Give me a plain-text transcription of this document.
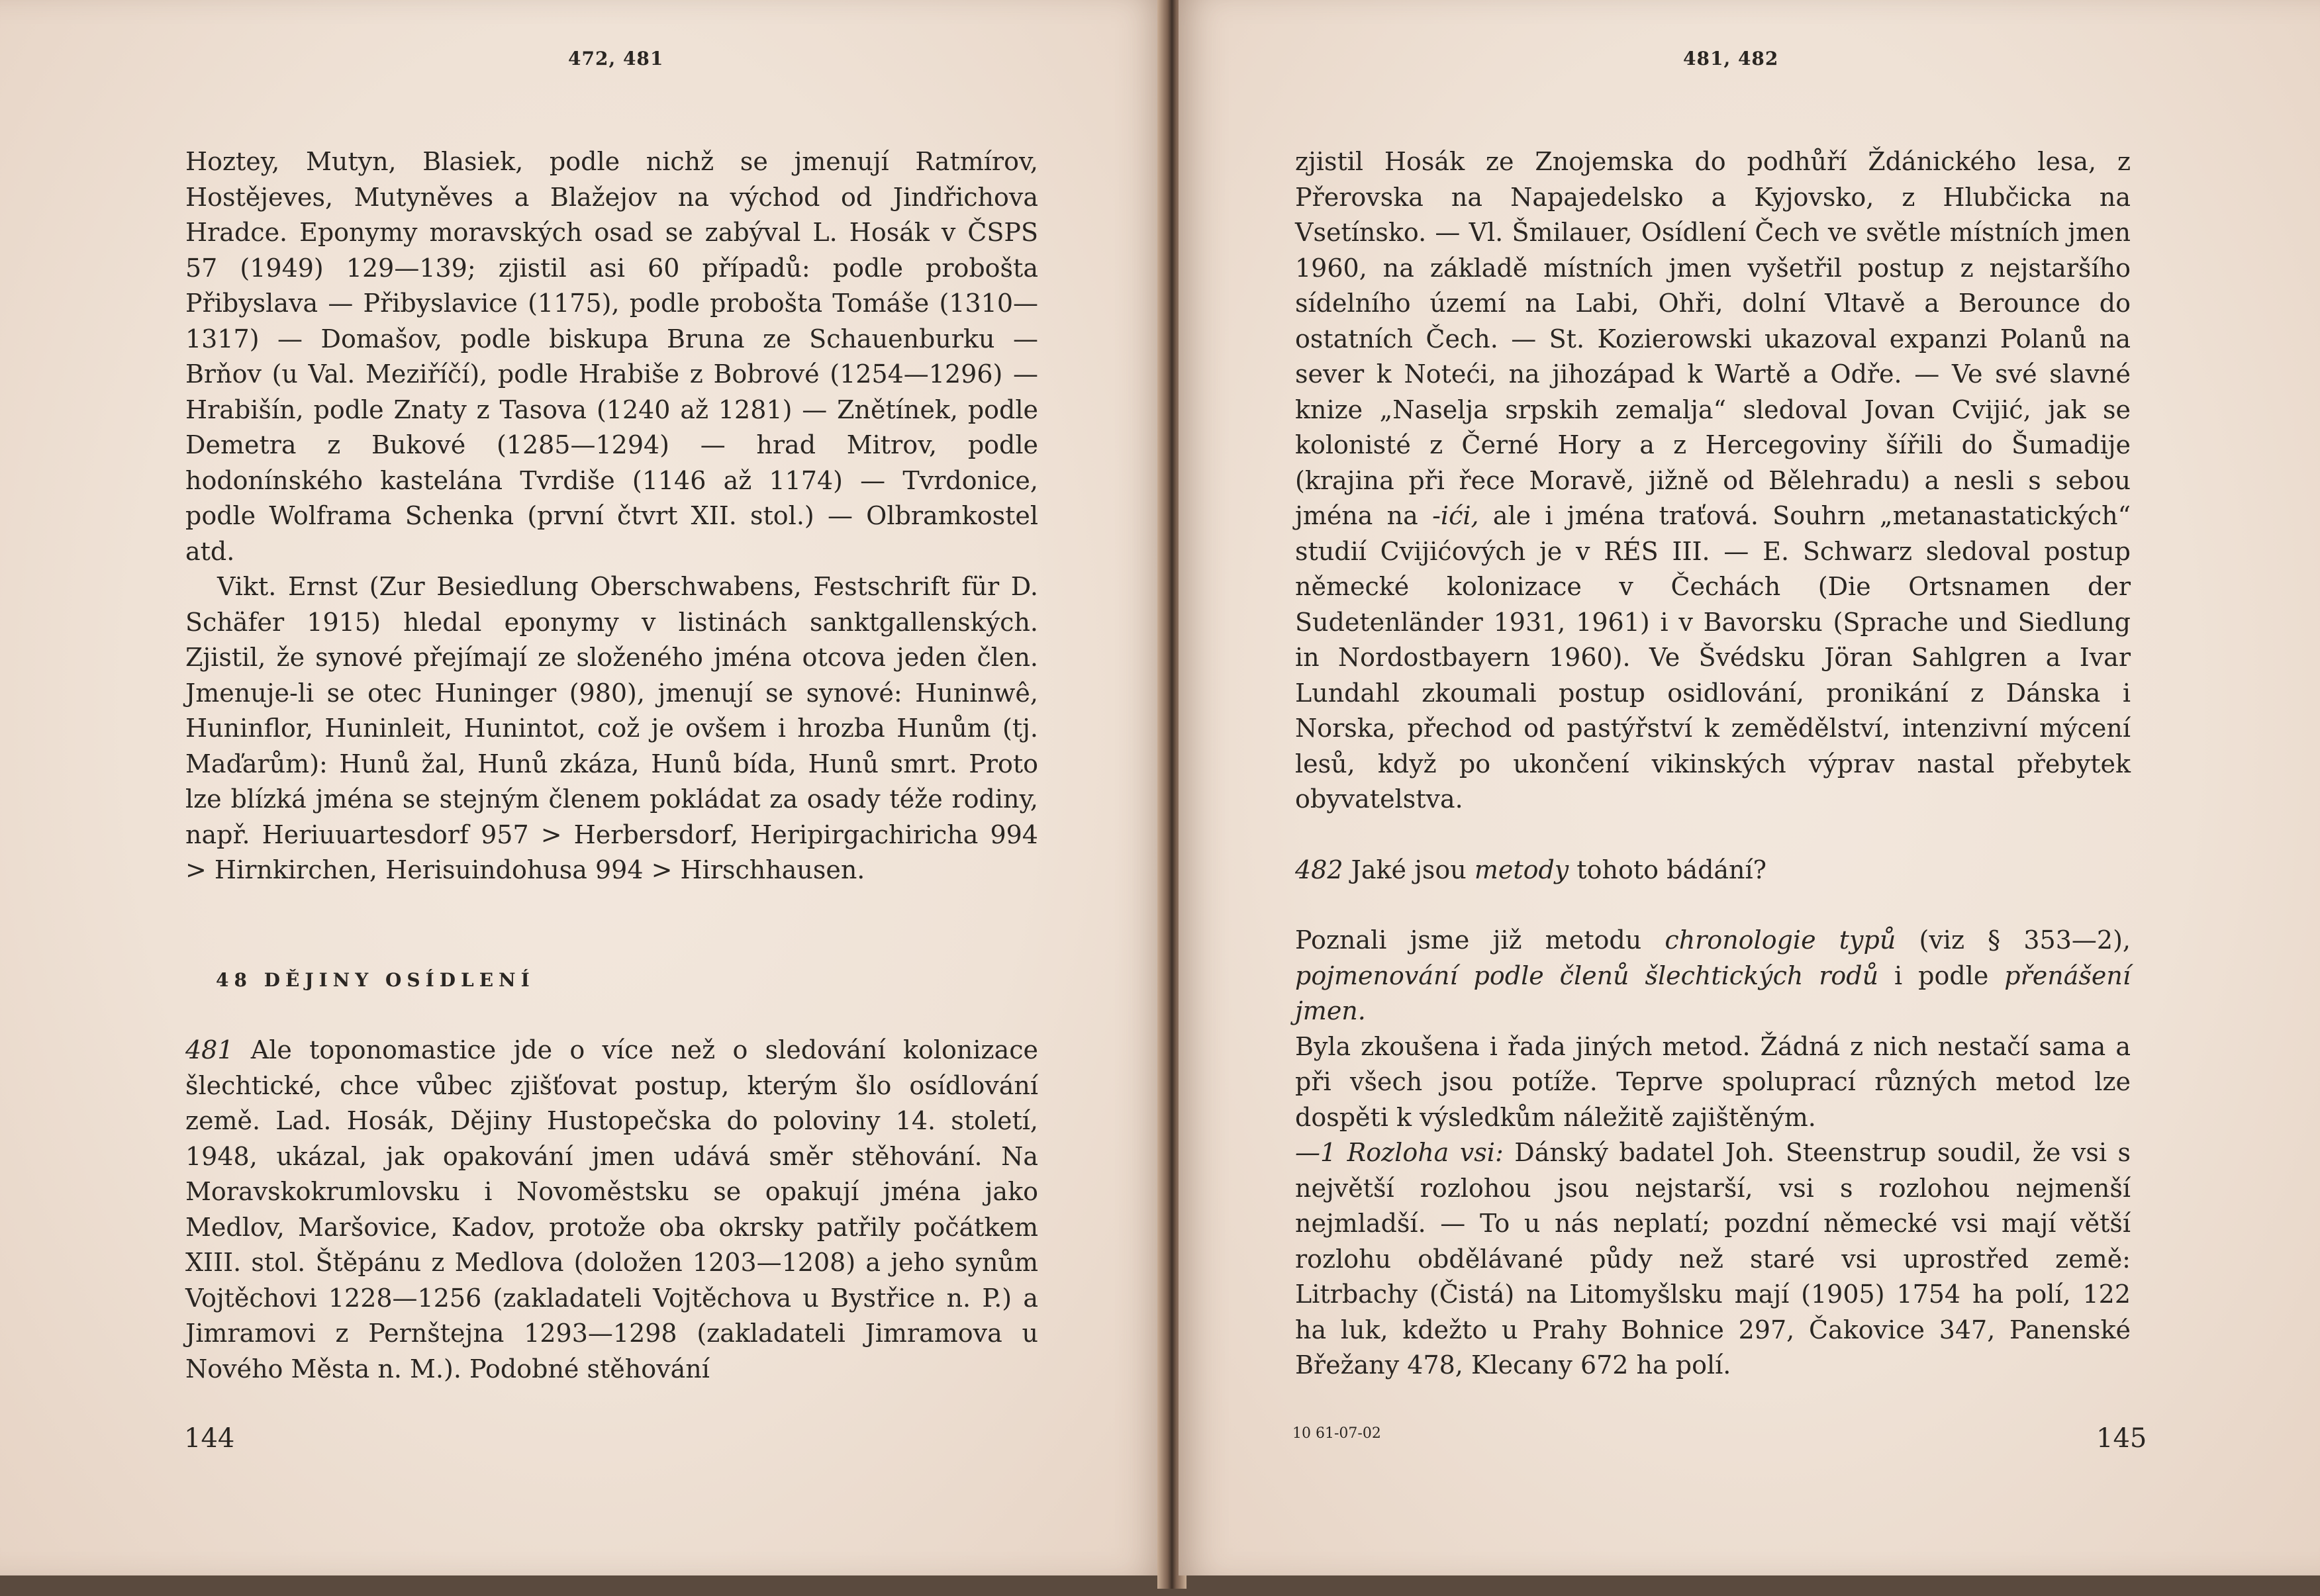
472, 481

Hoztey, Mutyn, Blasiek, podle nichž se jmenují Ratmírov, Hostějeves, Mutyněves a Blažejov na východ od Jindřichova Hradce. Eponymy moravských osad se zabýval L. Hosák v ČSPS 57 (1949) 129—139; zjistil asi 60 případů: podle probošta Přibyslava — Přibyslavice (1175), podle probošta Tomáše (1310—1317) — Domašov, podle biskupa Bruna ze Schauenburku — Brňov (u Val. Meziříčí), podle Hrabiše z Bobrové (1254—1296) — Hrabišín, podle Znaty z Tasova (1240 až 1281) — Znětínek, podle Demetra z Bukové (1285—1294) — hrad Mitrov, podle hodonínského kastelána Tvrdiše (1146 až 1174) — Tvrdonice, podle Wolframa Schenka (první čtvrt XII. stol.) — Olbramkostel atd.

Vikt. Ernst (Zur Besiedlung Oberschwabens, Festschrift für D. Schäfer 1915) hledal eponymy v listinách sanktgallenských. Zjistil, že synové přejímají ze složeného jména otcova jeden člen. Jmenuje-li se otec Huninger (980), jmenují se synové: Huninwê, Huninflor, Huninleit, Hunintot, což je ovšem i hrozba Hunům (tj. Maďarům): Hunů žal, Hunů zkáza, Hunů bída, Hunů smrt. Proto lze blízká jména se stejným členem pokládat za osady téže rodiny, např. Heriuuartesdorf 957 > Herbersdorf, Heripirgachiricha 994 > Hirnkirchen, Herisuindohusa 994 > Hirschhausen.

48 DĚJINY OSÍDLENÍ

481 Ale toponomastice jde o více než o sledování kolonizace šlechtické, chce vůbec zjišťovat postup, kterým šlo osídlování země. Lad. Hosák, Dějiny Hustopečska do poloviny 14. století, 1948, ukázal, jak opakování jmen udává směr stěhování. Na Moravskokrumlovsku i Novoměstsku se opakují jména jako Medlov, Maršovice, Kadov, protože oba okrsky patřily počátkem XIII. stol. Štěpánu z Medlova (doložen 1203—1208) a jeho synům Vojtěchovi 1228—1256 (zakladateli Vojtěchova u Bystřice n. P.) a Jimramovi z Pernštejna 1293—1298 (zakladateli Jimramova u Nového Města n. M.). Podobné stěhování

144
481, 482

zjistil Hosák ze Znojemska do podhůří Ždánického lesa, z Přerovska na Napajedelsko a Kyjovsko, z Hlubčicka na Vsetínsko. — Vl. Šmilauer, Osídlení Čech ve světle místních jmen 1960, na základě místních jmen vyšetřil postup z nejstaršího sídelního území na Labi, Ohři, dolní Vltavě a Berounce do ostatních Čech. — St. Kozierowski ukazoval expanzi Polanů na sever k Noteći, na jihozápad k Wartě a Odře. — Ve své slavné knize „Naselja srpskih zemalja“ sledoval Jovan Cvijić, jak se kolonisté z Černé Hory a z Hercegoviny šířili do Šumadije (krajina při řece Moravě, jižně od Bělehradu) a nesli s sebou jména na -ići, ale i jména traťová. Souhrn „metanastatických“ studií Cvijićových je v RÉS III. — E. Schwarz sledoval postup německé kolonizace v Čechách (Die Ortsnamen der Sudetenländer 1931, 1961) i v Bavorsku (Sprache und Siedlung in Nordostbayern 1960). Ve Švédsku Jöran Sahlgren a Ivar Lundahl zkoumali postup osidlování, pronikání z Dánska i Norska, přechod od pastýřství k zemědělství, intenzivní mýcení lesů, když po ukončení vikinských výprav nastal přebytek obyvatelstva.

482 Jaké jsou metody tohoto bádání?

Poznali jsme již metodu chronologie typů (viz § 353—2), pojmenování podle členů šlechtických rodů i podle přenášení jmen.

Byla zkoušena i řada jiných metod. Žádná z nich nestačí sama a při všech jsou potíže. Teprve spoluprací různých metod lze dospěti k výsledkům náležitě zajištěným.

—1 Rozloha vsi: Dánský badatel Joh. Steenstrup soudil, že vsi s největší rozlohou jsou nejstarší, vsi s rozlohou nejmenší nejmladší. — To u nás neplatí; pozdní německé vsi mají větší rozlohu obdělávané půdy než staré vsi uprostřed země: Litrbachy (Čistá) na Litomyšlsku mají (1905) 1754 ha polí, 122 ha luk, kdežto u Prahy Bohnice 297, Čakovice 347, Panenské Břežany 478, Klecany 672 ha polí.

10 61-07-02	145
